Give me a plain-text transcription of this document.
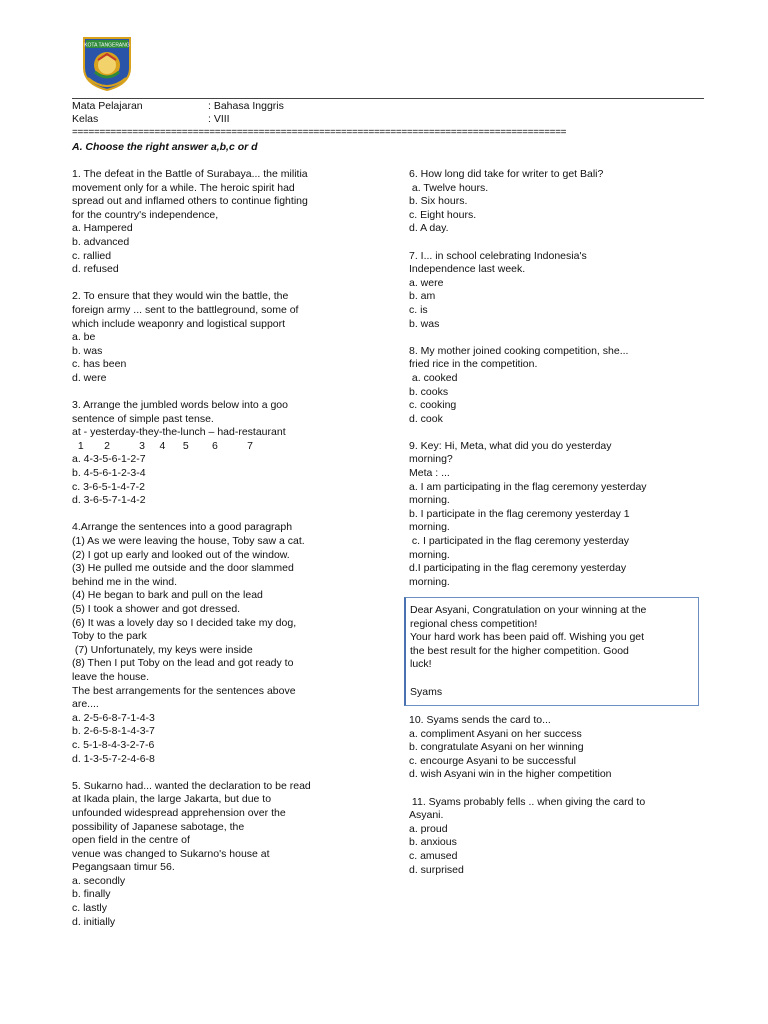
KOTA TANGERANG
Mata Pelajaran	: Bahasa Inggris
Kelas	: VIII
==========================================================================================
A. Choose the right answer a,b,c or d
1. The defeat in the Battle of Surabaya... the militia
movement only for a while. The heroic spirit had
spread out and inflamed others to continue fighting
for the country's independence,
a. Hampered
b. advanced
c. rallied
d. refused
2. To ensure that they would win the battle, the
foreign army ... sent to the battleground, some of
which include weaponry and logistical support
a. be
b. was
c. has been
d. were
3. Arrange the jumbled words below into a goo
sentence of simple past tense.
at - yesterday-they-the-lunch – had-restaurant
1       2          3     4      5        6          7
a. 4-3-5-6-1-2-7
b. 4-5-6-1-2-3-4
c. 3-6-5-1-4-7-2
d. 3-6-5-7-1-4-2
4.Arrange the sentences into a good paragraph
(1) As we were leaving the house, Toby saw a cat.
(2) I got up early and looked out of the window.
(3) He pulled me outside and the door slammed
behind me in the wind.
(4) He began to bark and pull on the lead
(5) I took a shower and got dressed.
(6) It was a lovely day so I decided take my dog,
Toby to the park
(7) Unfortunately, my keys were inside
(8) Then I put Toby on the lead and got ready to
leave the house.
The best arrangements for the sentences above
are....
a. 2-5-6-8-7-1-4-3
b. 2-6-5-8-1-4-3-7
c. 5-1-8-4-3-2-7-6
d. 1-3-5-7-2-4-6-8
5. Sukarno had... wanted the declaration to be read
at Ikada plain, the large Jakarta, but due to
unfounded widespread apprehension over the
possibility of Japanese sabotage, the
open field in the centre of
venue was changed to Sukarno's house at
Pegangsaan timur 56.
a. secondly
b. finally
c. lastly
d. initially
6. How long did take for writer to get Bali?
a. Twelve hours.
b. Six hours.
c. Eight hours.
d. A day.
7. I... in school celebrating Indonesia's
Independence last week.
a. were
b. am
c. is
b. was
8. My mother joined cooking competition, she...
fried rice in the competition.
a. cooked
b. cooks
c. cooking
d. cook
9. Key: Hi, Meta, what did you do yesterday
morning?
Meta : ...
a. I am participating in the flag ceremony yesterday
morning.
b. I participate in the flag ceremony yesterday 1
morning.
c. I participated in the flag ceremony yesterday
morning.
d.I participating in the flag ceremony yesterday
morning.
Dear Asyani, Congratulation on your winning at the
regional chess competition!
Your hard work has been paid off. Wishing you get
the best result for the higher competition. Good
luck!
Syams
10. Syams sends the card to...
a. compliment Asyani on her success
b. congratulate Asyani on her winning
c. encourge Asyani to be successful
d. wish Asyani win in the higher competition
11. Syams probably fells .. when giving the card to
Asyani.
a. proud
b. anxious
c. amused
d. surprised
